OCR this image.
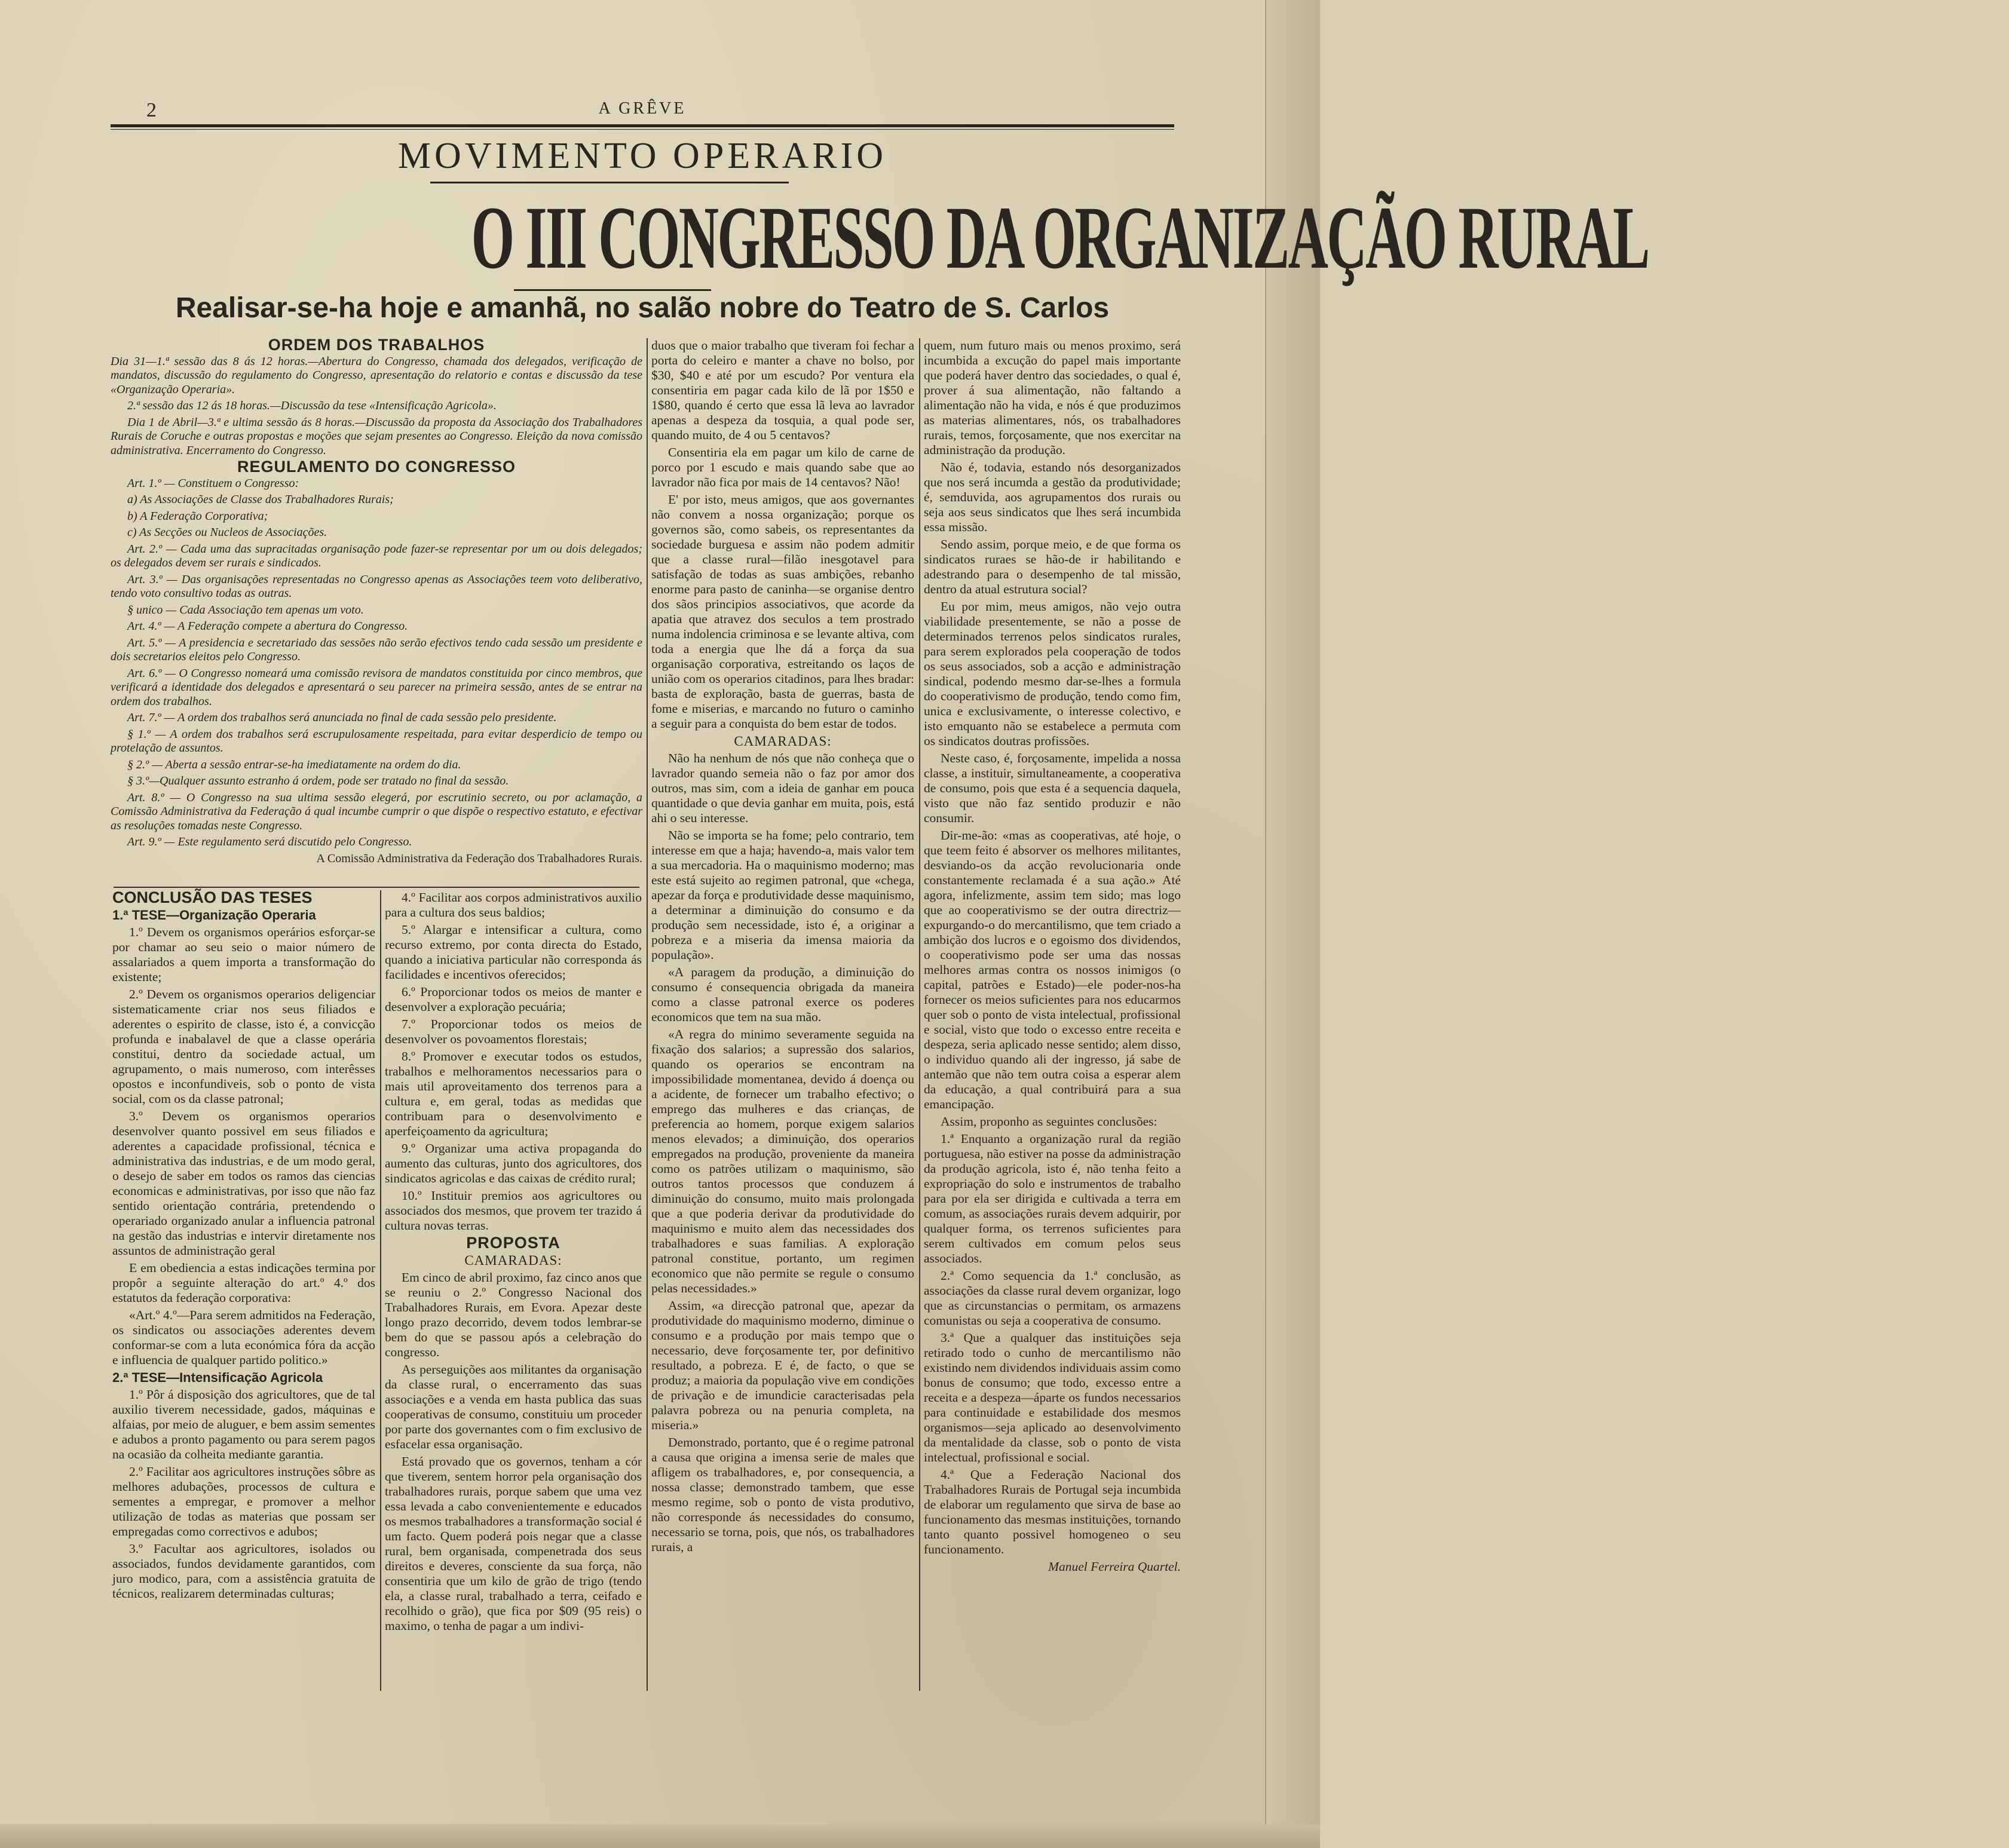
2	A GRÊVE
MOVIMENTO OPERARIO
O III CONGRESSO DA ORGANIZAÇÃO RURAL
Realisar-se-ha hoje e amanhã, no salão nobre do Teatro de S. Carlos

ORDEM DOS TRABALHOS

Dia 31—1.ª sessão das 8 ás 12 horas.—Abertura do Congresso, chamada dos delegados, verificação de mandatos, discussão do regulamento do Congresso, apresentação do relatorio e contas e discussão da tese «Organização Operaria».

2.ª sessão das 12 ás 18 horas.—Discussão da tese «Intensificação Agricola».

Dia 1 de Abril—3.ª e ultima sessão ás 8 horas.—Discussão da proposta da Associação dos Trabalhadores Rurais de Coruche e outras propostas e moções que sejam presentes ao Congresso. Eleição da nova comissão administrativa. Encerramento do Congresso.

REGULAMENTO DO CONGRESSO

Art. 1.º — Constituem o Congresso:

a) As Associações de Classe dos Trabalhadores Rurais;

b) A Federação Corporativa;

c) As Secções ou Nucleos de Associações.

Art. 2.º — Cada uma das supracitadas organisação pode fazer-se representar por um ou dois delegados; os delegados devem ser rurais e sindicados.

Art. 3.º — Das organisações representadas no Congresso apenas as Associações teem voto deliberativo, tendo voto consultivo todas as outras.

§ unico — Cada Associação tem apenas um voto.

Art. 4.º — A Federação compete a abertura do Congresso.

Art. 5.º — A presidencia e secretariado das sessões não serão efectivos tendo cada sessão um presidente e dois secretarios eleitos pelo Congresso.

Art. 6.º — O Congresso nomeará uma comissão revisora de mandatos constituida por cinco membros, que verificará a identidade dos delegados e apresentará o seu parecer na primeira sessão, antes de se entrar na ordem dos trabalhos.

Art. 7.º — A ordem dos trabalhos será anunciada no final de cada sessão pelo presidente.

§ 1.º — A ordem dos trabalhos será escrupulosamente respeitada, para evitar desperdicio de tempo ou protelação de assuntos.

§ 2.º — Aberta a sessão entrar-se-ha imediatamente na ordem do dia.

§ 3.º—Qualquer assunto estranho á ordem, pode ser tratado no final da sessão.

Art. 8.º — O Congresso na sua ultima sessão elegerá, por escrutinio secreto, ou por aclamação, a Comissão Administrativa da Federação á qual incumbe cumprir o que dispõe o respectivo estatuto, e efectivar as resoluções tomadas neste Congresso.

Art. 9.º — Este regulamento será discutido pelo Congresso.

A Comissão Administrativa da Federação dos Trabalhadores Rurais.

CONCLUSÃO DAS TESES

1.ª TESE—Organização Operaria

1.º Devem os organismos operários esforçar-se por chamar ao seu seio o maior número de assalariados a quem importa a transformação do existente;

2.º Devem os organismos operarios deligenciar sistematicamente criar nos seus filiados e aderentes o espirito de classe, isto é, a convicção profunda e inabalavel de que a classe operária constitui, dentro da sociedade actual, um agrupamento, o mais numeroso, com interêsses opostos e inconfundiveis, sob o ponto de vista social, com os da classe patronal;

3.º Devem os organismos operarios desenvolver quanto possivel em seus filiados e aderentes a capacidade profissional, técnica e administrativa das industrias, e de um modo geral, o desejo de saber em todos os ramos das ciencias economicas e administrativas, por isso que não faz sentido orientação contrária, pretendendo o operariado organizado anular a influencia patronal na gestão das industrias e intervir diretamente nos assuntos de administração geral

E em obediencia a estas indicações termina por propôr a seguinte alteração do art.º 4.º dos estatutos da federação corporativa:

«Art.º 4.º—Para serem admitidos na Federação, os sindicatos ou associações aderentes devem conformar-se com a luta económica fóra da acção e influencia de qualquer partido politico.»

2.ª TESE—Intensificação Agricola

1.º Pôr á disposição dos agricultores, que de tal auxilio tiverem necessidade, gados, máquinas e alfaias, por meio de aluguer, e bem assim sementes e adubos a pronto pagamento ou para serem pagos na ocasião da colheita mediante garantia.

2.º Facilitar aos agricultores instruções sôbre as melhores adubações, processos de cultura e sementes a empregar, e promover a melhor utilização de todas as materias que possam ser empregadas como correctivos e adubos;

3.º Facultar aos agricultores, isolados ou associados, fundos devidamente garantidos, com juro modico, para, com a assistência gratuita de técnicos, realizarem determinadas culturas;

4.º Facilitar aos corpos administrativos auxilio para a cultura dos seus baldios;

5.º Alargar e intensificar a cultura, como recurso extremo, por conta directa do Estado, quando a iniciativa particular não corresponda ás facilidades e incentivos oferecidos;

6.º Proporcionar todos os meios de manter e desenvolver a exploração pecuária;

7.º Proporcionar todos os meios de desenvolver os povoamentos florestais;

8.º Promover e executar todos os estudos, trabalhos e melhoramentos necessarios para o mais util aproveitamento dos terrenos para a cultura e, em geral, todas as medidas que contribuam para o desenvolvimento e aperfeiçoamento da agricultura;

9.º Organizar uma activa propaganda do aumento das culturas, junto dos agricultores, dos sindicatos agricolas e das caixas de crédito rural;

10.º Instituir premios aos agricultores ou associados dos mesmos, que provem ter trazido á cultura novas terras.

PROPOSTA

CAMARADAS:

Em cinco de abril proximo, faz cinco anos que se reuniu o 2.º Congresso Nacional dos Trabalhadores Rurais, em Evora. Apezar deste longo prazo decorrido, devem todos lembrar-se bem do que se passou após a celebração do congresso.

As perseguições aos militantes da organisação da classe rural, o encerramento das suas associações e a venda em hasta publica das suas cooperativas de consumo, constituiu um proceder por parte dos governantes com o fim exclusivo de esfacelar essa organisação.

Está provado que os governos, tenham a cór que tiverem, sentem horror pela organisação dos trabalhadores rurais, porque sabem que uma vez essa levada a cabo convenientemente e educados os mesmos trabalhadores a transformação social é um facto. Quem poderá pois negar que a classe rural, bem organisada, compenetrada dos seus direitos e deveres, consciente da sua força, não consentiria que um kilo de grão de trigo (tendo ela, a classe rural, trabalhado a terra, ceifado e recolhido o grão), que fica por $09 (95 reis) o maximo, o tenha de pagar a um indivi-

duos que o maior trabalho que tiveram foi fechar a porta do celeiro e manter a chave no bolso, por $30, $40 e até por um escudo? Por ventura ela consentiria em pagar cada kilo de lã por 1$50 e 1$80, quando é certo que essa lã leva ao lavrador apenas a despeza da tosquia, a qual pode ser, quando muito, de 4 ou 5 centavos?

Consentiria ela em pagar um kilo de carne de porco por 1 escudo e mais quando sabe que ao lavrador não fica por mais de 14 centavos? Não!

E' por isto, meus amigos, que aos governantes não convem a nossa organização; porque os governos são, como sabeis, os representantes da sociedade burguesa e assim não podem admitir que a classe rural—filão inesgotavel para satisfação de todas as suas ambições, rebanho enorme para pasto de caninha—se organise dentro dos sãos principios associativos, que acorde da apatia que atravez dos seculos a tem prostrado numa indolencia criminosa e se levante altiva, com toda a energia que lhe dá a força da sua organisação corporativa, estreitando os laços de união com os operarios citadinos, para lhes bradar: basta de exploração, basta de guerras, basta de fome e miserias, e marcando no futuro o caminho a seguir para a conquista do bem estar de todos.

CAMARADAS:

Não ha nenhum de nós que não conheça que o lavrador quando semeia não o faz por amor dos outros, mas sim, com a ideia de ganhar em pouca quantidade o que devia ganhar em muita, pois, está ahi o seu interesse.

Não se importa se ha fome; pelo contrario, tem interesse em que a haja; havendo-a, mais valor tem a sua mercadoria. Ha o maquinismo moderno; mas este está sujeito ao regimen patronal, que «chega, apezar da força e produtividade desse maquinismo, a determinar a diminuição do consumo e da produção sem necessidade, isto é, a originar a pobreza e a miseria da imensa maioria da população».

«A paragem da produção, a diminuição do consumo é consequencia obrigada da maneira como a classe patronal exerce os poderes economicos que tem na sua mão.

«A regra do minimo severamente seguida na fixação dos salarios; a supressão dos salarios, quando os operarios se encontram na impossibilidade momentanea, devido á doença ou a acidente, de fornecer um trabalho efectivo; o emprego das mulheres e das crianças, de preferencia ao homem, porque exigem salarios menos elevados; a diminuição, dos operarios empregados na produção, proveniente da maneira como os patrões utilizam o maquinismo, são outros tantos processos que conduzem á diminuição do consumo, muito mais prolongada que a que poderia derivar da produtividade do maquinismo e muito alem das necessidades dos trabalhadores e suas familias. A exploração patronal constitue, portanto, um regimen economico que não permite se regule o consumo pelas necessidades.»

Assim, «a direcção patronal que, apezar da produtividade do maquinismo moderno, diminue o consumo e a produção por mais tempo que o necessario, deve forçosamente ter, por definitivo resultado, a pobreza. E é, de facto, o que se produz; a maioria da população vive em condições de privação e de imundicie caracterisadas pela palavra pobreza ou na penuria completa, na miseria.»

Demonstrado, portanto, que é o regime patronal a causa que origina a imensa serie de males que afligem os trabalhadores, e, por consequencia, a nossa classe; demonstrado tambem, que esse mesmo regime, sob o ponto de vista produtivo, não corresponde ás necessidades do consumo, necessario se torna, pois, que nós, os trabalhadores rurais, a

quem, num futuro mais ou menos proximo, será incumbida a excução do papel mais importante que poderá haver dentro das sociedades, o qual é, prover á sua alimentação, não faltando a alimentação não ha vida, e nós é que produzimos as materias alimentares, nós, os trabalhadores rurais, temos, forçosamente, que nos exercitar na administração da produção.

Não é, todavia, estando nós desorganizados que nos será incumda a gestão da produtividade; é, semduvida, aos agrupamentos dos rurais ou seja aos seus sindicatos que lhes será incumbida essa missão.

Sendo assim, porque meio, e de que forma os sindicatos ruraes se hão-de ir habilitando e adestrando para o desempenho de tal missão, dentro da atual estrutura social?

Eu por mim, meus amigos, não vejo outra viabilidade presentemente, se não a posse de determinados terrenos pelos sindicatos rurales, para serem explorados pela cooperação de todos os seus associados, sob a acção e administração sindical, podendo mesmo dar-se-lhes a formula do cooperativismo de produção, tendo como fim, unica e exclusivamente, o interesse colectivo, e isto emquanto não se estabelece a permuta com os sindicatos doutras profissões.

Neste caso, é, forçosamente, impelida a nossa classe, a instituir, simultaneamente, a cooperativa de consumo, pois que esta é a sequencia daquela, visto que não faz sentido produzir e não consumir.

Dir-me-ão: «mas as cooperativas, até hoje, o que teem feito é absorver os melhores militantes, desviando-os da acção revolucionaria onde constantemente reclamada é a sua ação.» Até agora, infelizmente, assim tem sido; mas logo que ao cooperativismo se der outra directriz—expurgando-o do mercantilismo, que tem criado a ambição dos lucros e o egoismo dos dividendos, o cooperativismo pode ser uma das nossas melhores armas contra os nossos inimigos (o capital, patrões e Estado)—ele poder-nos-ha fornecer os meios suficientes para nos educarmos quer sob o ponto de vista intelectual, profissional e social, visto que todo o excesso entre receita e despeza, seria aplicado nesse sentido; alem disso, o individuo quando ali der ingresso, já sabe de antemão que não tem outra coisa a esperar alem da educação, a qual contribuirá para a sua emancipação.

Assim, proponho as seguintes conclusões:

1.ª Enquanto a organização rural da região portuguesa, não estiver na posse da administração da produção agricola, isto é, não tenha feito a expropriação do solo e instrumentos de trabalho para por ela ser dirigida e cultivada a terra em comum, as associações rurais devem adquirir, por qualquer forma, os terrenos suficientes para serem cultivados em comum pelos seus associados.

2.ª Como sequencia da 1.ª conclusão, as associações da classe rural devem organizar, logo que as circunstancias o permitam, os armazens comunistas ou seja a cooperativa de consumo.

3.ª Que a qualquer das instituições seja retirado todo o cunho de mercantilismo não existindo nem dividendos individuais assim como bonus de consumo; que todo, excesso entre a receita e a despeza—áparte os fundos necessarios para continuidade e estabilidade dos mesmos organismos—seja aplicado ao desenvolvimento da mentalidade da classe, sob o ponto de vista intelectual, profissional e social.

4.ª Que a Federação Nacional dos Trabalhadores Rurais de Portugal seja incumbida de elaborar um regulamento que sirva de base ao funcionamento das mesmas instituições, tornando tanto quanto possivel homogeneo o seu funcionamento.

Manuel Ferreira Quartel.
